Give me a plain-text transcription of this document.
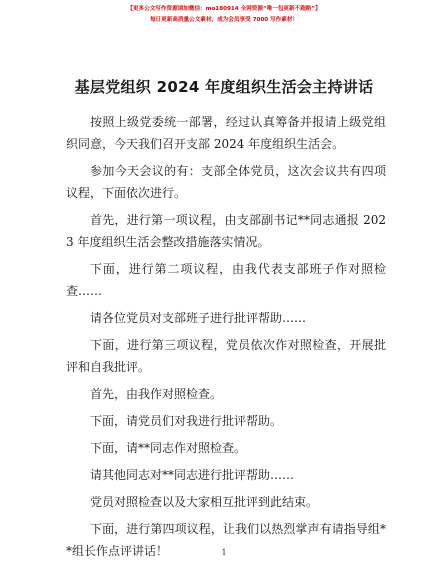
【更多公文写作资源请加微信：mo180914 全网资源“唯一包更新不跑路”】
每日更新高质量公文素材，成为会员享受 7000 写作素材！
基层党组织 2024 年度组织生活会主持讲话

按照上级党委统一部署，经过认真筹备并报请上级党组织同意，今天我们召开支部 2024 年度组织生活会。

参加今天会议的有：支部全体党员，这次会议共有四项议程，下面依次进行。

首先，进行第一项议程，由支部副书记**同志通报 2023 年度组织生活会整改措施落实情况。

下面，进行第二项议程，由我代表支部班子作对照检查……

请各位党员对支部班子进行批评帮助……

下面，进行第三项议程，党员依次作对照检查，开展批评和自我批评。

首先，由我作对照检查。

下面，请党员们对我进行批评帮助。

下面，请**同志作对照检查。

请其他同志对**同志进行批评帮助……

党员对照检查以及大家相互批评到此结束。

下面，进行第四项议程，让我们以热烈掌声有请指导组**组长作点评讲话！	1
